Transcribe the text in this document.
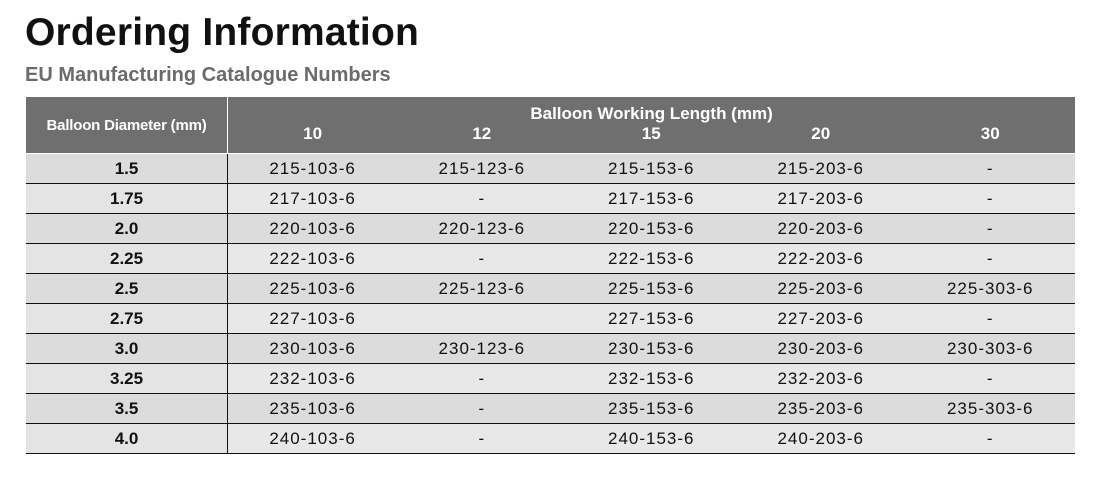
Ordering Information
EU Manufacturing Catalogue Numbers
Balloon Diameter (mm)	Balloon Working Length (mm)				
	10	12	15	20	30
1.5	215-103-6	215-123-6	215-153-6	215-203-6	-
1.75	217-103-6	-	217-153-6	217-203-6	-
2.0	220-103-6	220-123-6	220-153-6	220-203-6	-
2.25	222-103-6	-	222-153-6	222-203-6	-
2.5	225-103-6	225-123-6	225-153-6	225-203-6	225-303-6
2.75	227-103-6		227-153-6	227-203-6	-
3.0	230-103-6	230-123-6	230-153-6	230-203-6	230-303-6
3.25	232-103-6	-	232-153-6	232-203-6	-
3.5	235-103-6	-	235-153-6	235-203-6	235-303-6
4.0	240-103-6	-	240-153-6	240-203-6	-
